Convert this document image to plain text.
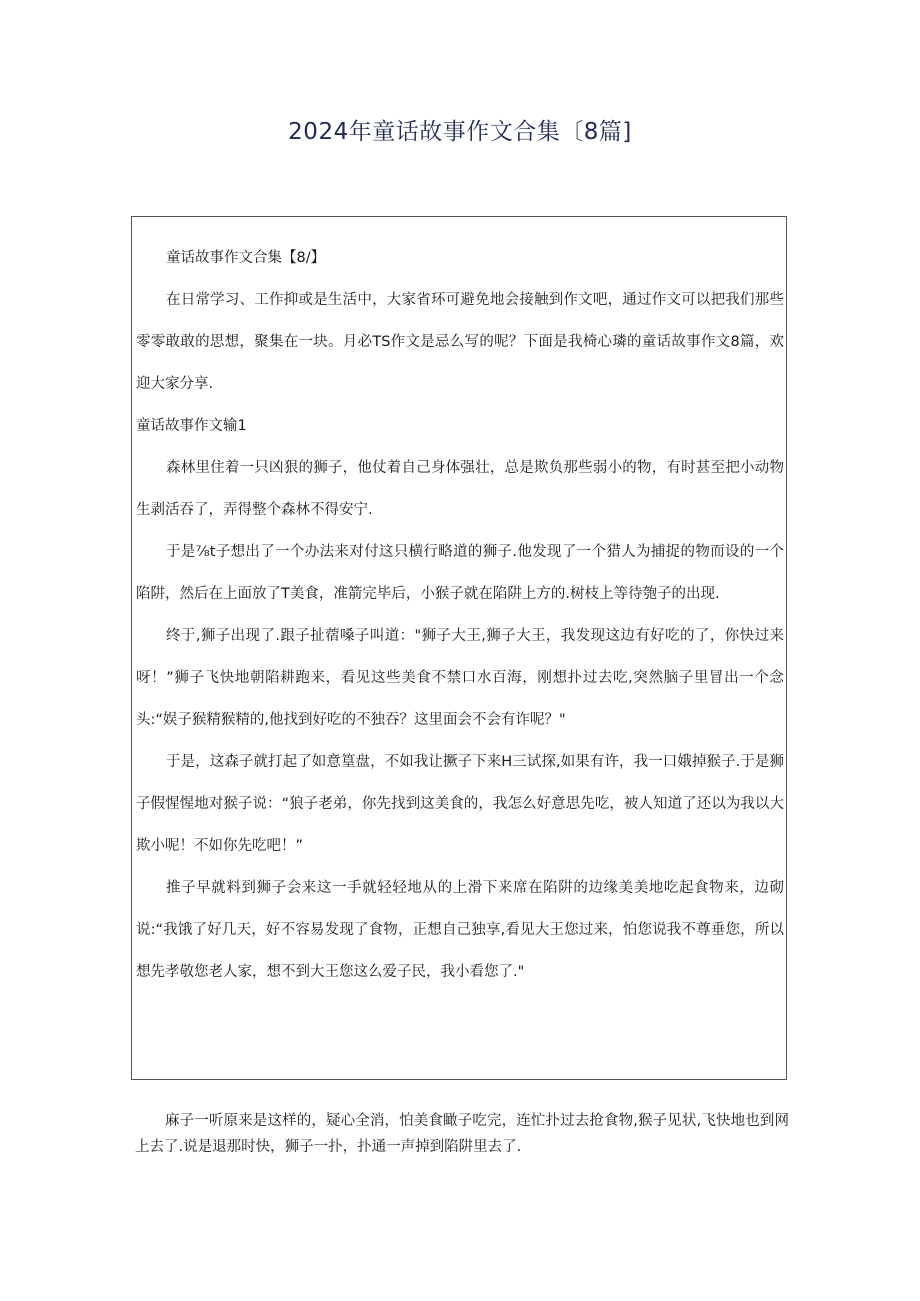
2024年童话故事作文合集〔8篇]

童话故事作文合集【8/】

在日常学习、工作抑或是生活中，大家省环可避免地会接触到作文吧，通过作文可以把我们那些零零敢敢的思想，聚集在一块。月必TS作文是忌么写的呢？下面是我椅心璘的童话故事作文8篇，欢迎大家分享.

童话故事作文输1

森林里住着一只凶狠的狮子，他仗着自己身体强壮，总是欺负那些弱小的物，有时甚至把小动物生剥活吞了，弄得整个森林不得安宁.

于是⅞t子想出了一个办法来对付这只横行略道的狮子.他发现了一个猎人为捕捉的物而设的一个陷阱，然后在上面放了T美食，准箭完毕后，小猴子就在陷阱上方的.树枝上等待匏子的出现.

终于,狮子出现了.跟子扯蓿嗓子叫道："狮子大王,狮子大王，我发现这边有好吃的了，你快过来呀！”狮子飞快地朝陷耕跑来，看见这些美食不禁口水百海，刚想扑过去吃,突然脑子里冒出一个念头:“娱子猴精猴精的,他找到好吃的不独吞？这里面会不会有诈呢？"

于是，这森子就打起了如意篁盘，不如我让撅子下来H三试探,如果有许，我一口娥掉猴子.于是狮子假惺惺地对猴子说：“狼子老弟，你先找到这美食的，我怎么好意思先吃，被人知道了还以为我以大欺小呢！不如你先吃吧！”

推子早就料到狮子会来这一手就轻轻地从的上滑下来席在陷阱的边缘美美地吃起食物来，边砌说:“我饿了好几天，好不容易发现了食物，正想自己独享,看见大王您过来，怕您说我不尊垂您，所以想先孝敬您老人家，想不到大王您这么爱子民，我小看您了."

麻子一听原来是这样的，疑心全消，怕美食瞰子吃完，连忙扑过去抢食物,猴子见状,飞快地也到网上去了.说是退那时快，狮子一扑，扑通一声掉到陷阱里去了.
